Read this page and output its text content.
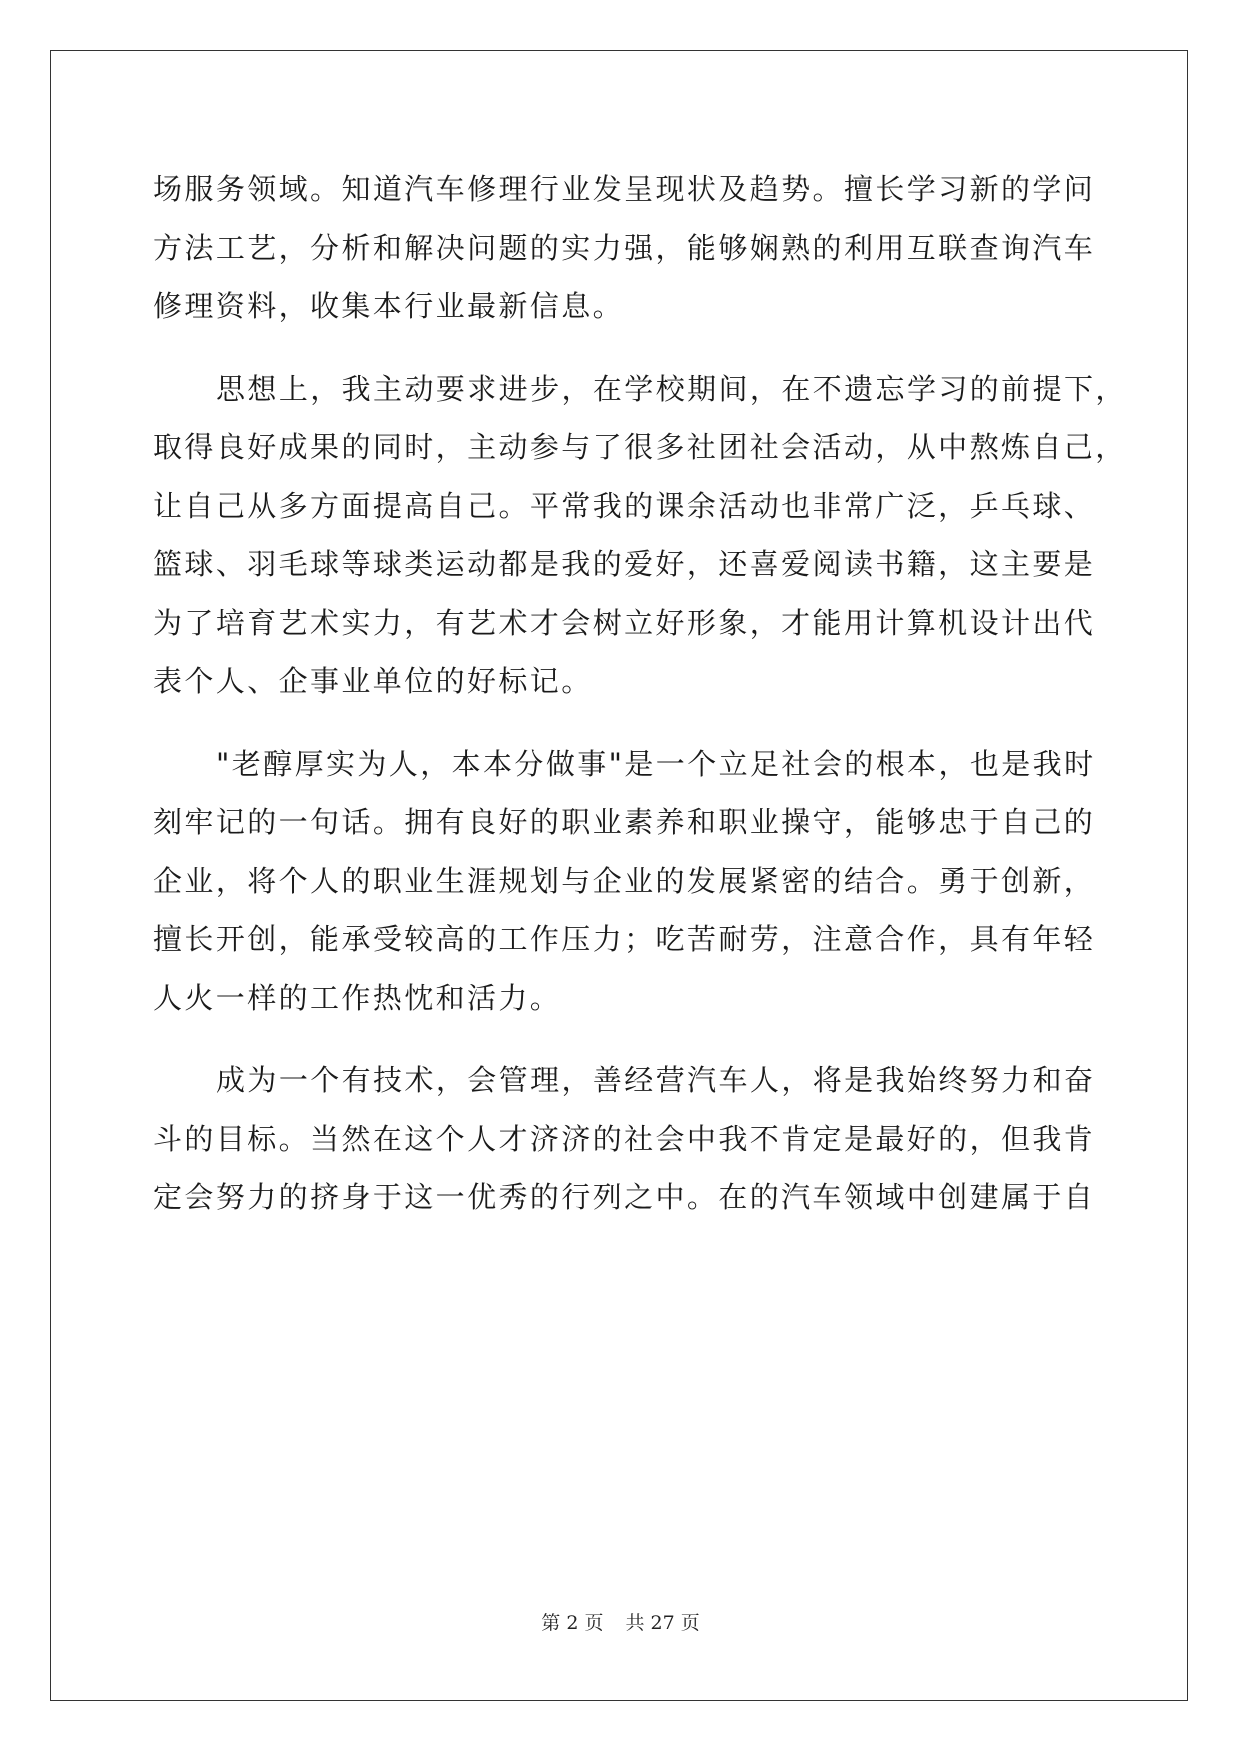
场 服 务 领 域 。 知 道 汽 车 修 理 行 业 发 呈 现 状 及 趋 势 。 擅 长 学 习 新 的 学 问
方 法 工 艺 ， 分 析 和 解 决 问 题 的 实 力 强 ， 能 够 娴 熟 的 利 用 互 联 查 询 汽 车
修理资料，收集本行业最新信息。
思 想 上 ， 我 主 动 要 求 进 步 ， 在 学 校 期 间 ， 在 不 遗 忘 学 习 的 前 提 下 ，
取 得 良 好 成 果 的 同 时 ， 主 动 参 与 了 很 多 社 团 社 会 活 动 ， 从 中 熬 炼 自 己 ，
让 自 己 从 多 方 面 提 高 自 己 。 平 常 我 的 课 余 活 动 也 非 常 广 泛 ， 乒 乓 球 、
篮 球 、 羽 毛 球 等 球 类 运 动 都 是 我 的 爱 好 ， 还 喜 爱 阅 读 书 籍 ， 这 主 要 是
为 了 培 育 艺 术 实 力 ， 有 艺 术 才 会 树 立 好 形 象 ， 才 能 用 计 算 机 设 计 出 代
表个人、企事业单位的好标记。
" 老 醇 厚 实 为 人 ， 本 本 分 做 事 " 是 一 个 立 足 社 会 的 根 本 ， 也 是 我 时
刻 牢 记 的 一 句 话 。 拥 有 良 好 的 职 业 素 养 和 职 业 操 守 ， 能 够 忠 于 自 己 的
企 业 ， 将 个 人 的 职 业 生 涯 规 划 与 企 业 的 发 展 紧 密 的 结 合 。 勇 于 创 新 ，
擅 长 开 创 ， 能 承 受 较 高 的 工 作 压 力 ； 吃 苦 耐 劳 ， 注 意 合 作 ， 具 有 年 轻
人火一样的工作热忱和活力。
成 为 一 个 有 技 术 ， 会 管 理 ， 善 经 营 汽 车 人 ， 将 是 我 始 终 努 力 和 奋
斗 的 目 标 。 当 然 在 这 个 人 才 济 济 的 社 会 中 我 不 肯 定 是 最 好 的 ， 但 我 肯
定 会 努 力 的 挤 身 于 这 一 优 秀 的 行 列 之 中 。 在 的 汽 车 领 域 中 创 建 属 于 自
第 2 页 共 27 页
